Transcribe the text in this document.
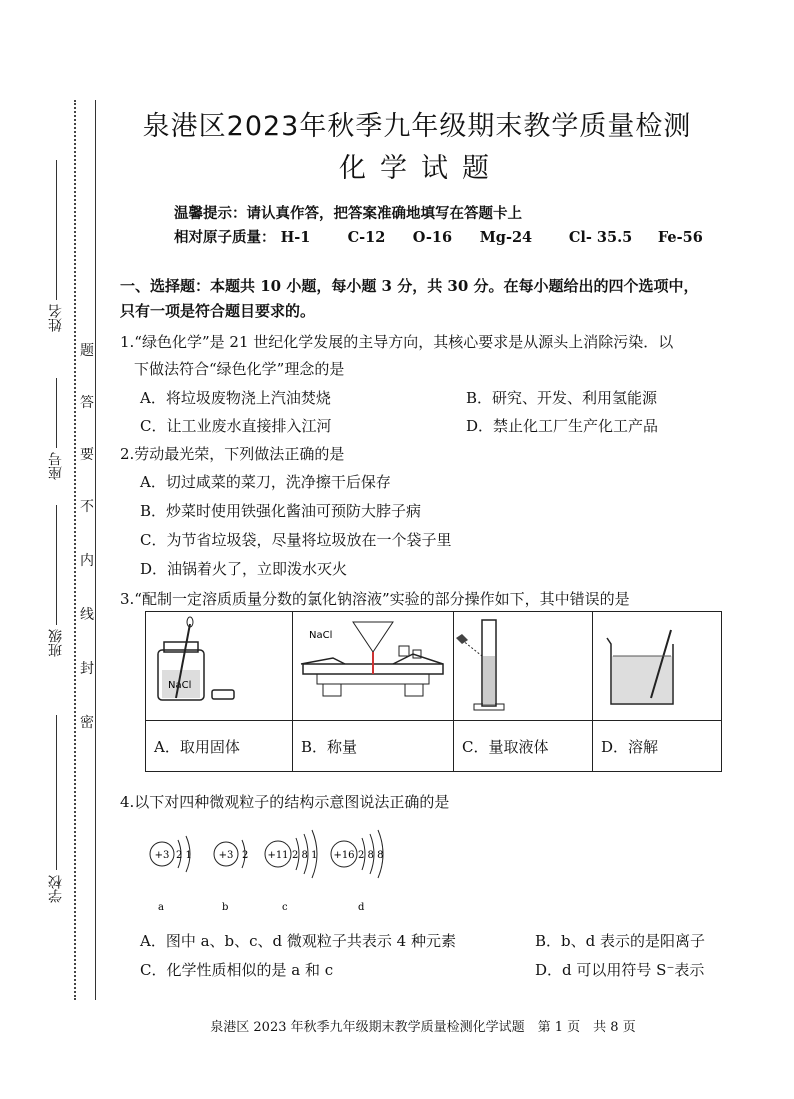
姓名
座号
班级
学校
密
封
线
内
不
要
答
题
泉港区2023年秋季九年级期末教学质量检测
化学试题
温馨提示：请认真作答，把答案准确地填写在答题卡上
相对原子质量： H-1	C-12 O-16 Mg-24	Cl- 35.5 Fe-56
一、选择题：本题共 10 小题，每小题 3 分，共 30 分。在每小题给出的四个选项中，
只有一项是符合题目要求的。
1.“绿色化学”是 21 世纪化学发展的主导方向，其核心要求是从源头上消除污染．以
下做法符合“绿色化学”理念的是
A．将垃圾废物浇上汽油焚烧	B．研究、开发、利用氢能源
C．让工业废水直接排入江河	D．禁止化工厂生产化工产品
2.劳动最光荣，下列做法正确的是
A．切过咸菜的菜刀，洗净擦干后保存
B．炒菜时使用铁强化酱油可预防大脖子病
C．为节省垃圾袋，尽量将垃圾放在一个袋子里
D．油锅着火了，立即泼水灭火
3.“配制一定溶质质量分数的氯化钠溶液”实验的部分操作如下，其中错误的是
NaCl	NaCl

A．取用固体	B．称量	C．量取液体	D．溶解
4.以下对四种微观粒子的结构示意图说法正确的是
+3 2 1
a
+3 2
b
+11 2 8 1
c
+16 2 8 8
d
A．图中 a、b、c、d 微观粒子共表示 4 种元素	B．b、d 表示的是阳离子
C．化学性质相似的是 a 和 c	D．d 可以用符号 S⁻表示
泉港区 2023 年秋季九年级期末教学质量检测化学试题　第 1 页　共 8 页
